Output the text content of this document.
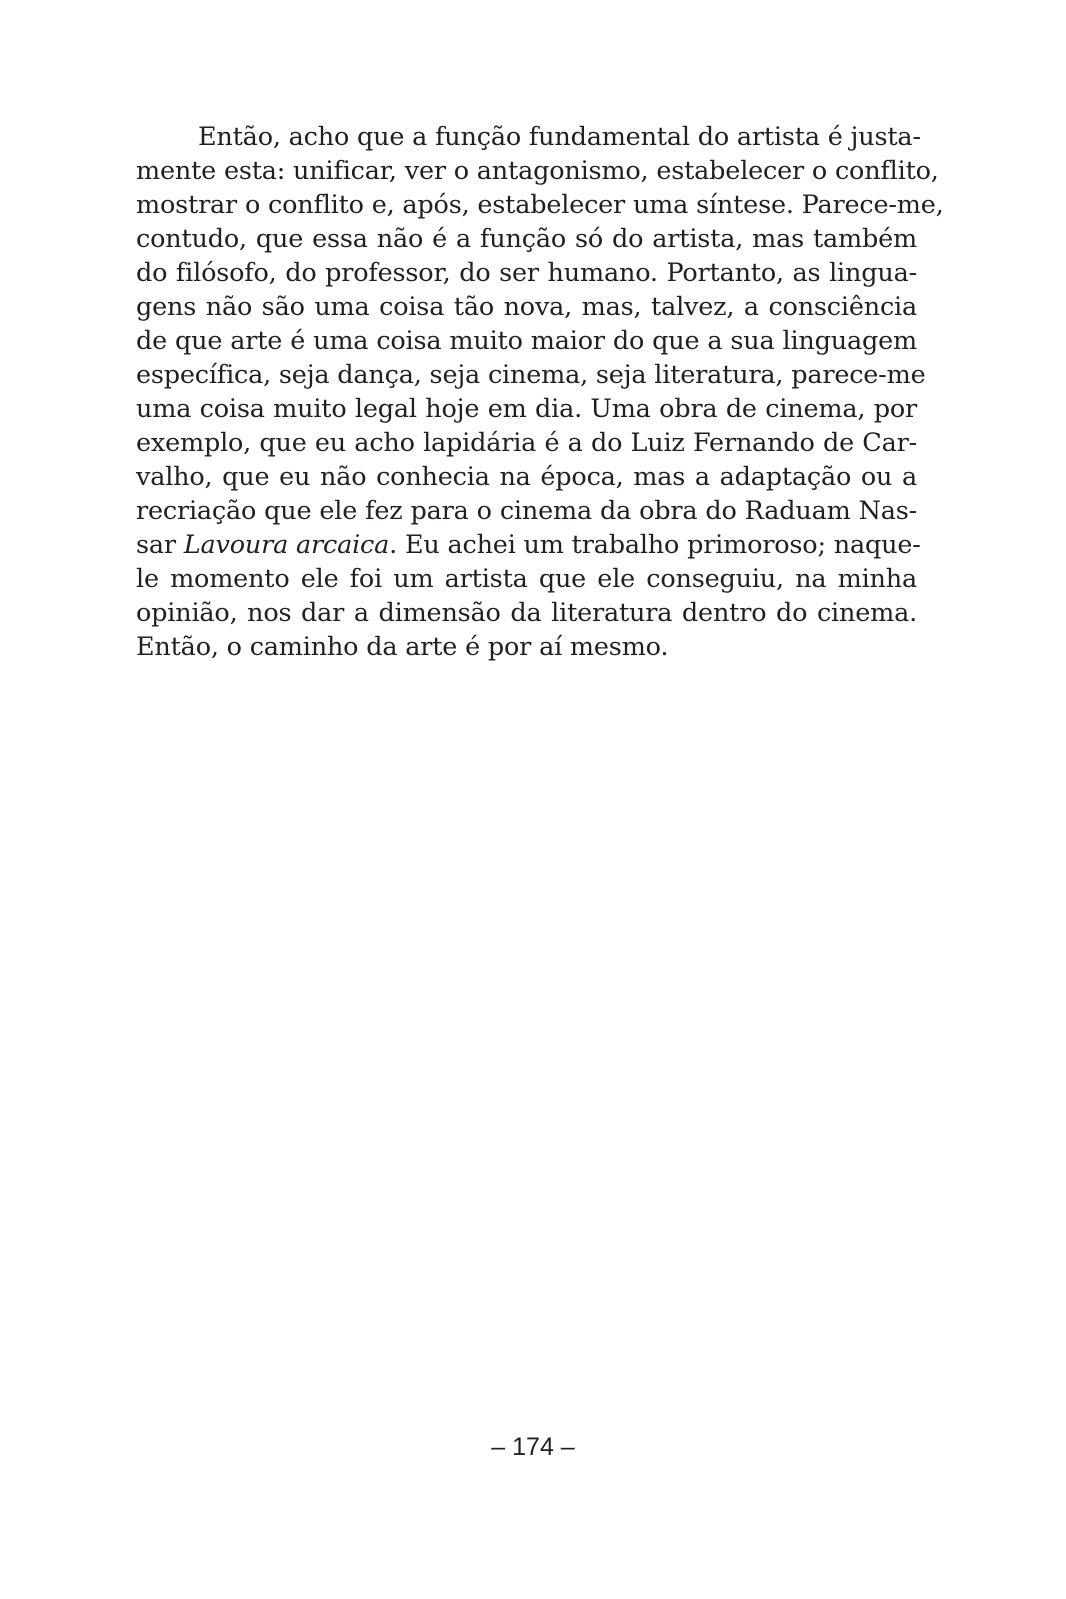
Então, acho que a função fundamental do artista é justa-
mente esta: unificar, ver o antagonismo, estabelecer o conflito,
mostrar o conflito e, após, estabelecer uma síntese. Parece-me,
contudo, que essa não é a função só do artista, mas também
do filósofo, do professor, do ser humano. Portanto, as lingua-
gens não são uma coisa tão nova, mas, talvez, a consciência
de que arte é uma coisa muito maior do que a sua linguagem
específica, seja dança, seja cinema, seja literatura, parece-me
uma coisa muito legal hoje em dia. Uma obra de cinema, por
exemplo, que eu acho lapidária é a do Luiz Fernando de Car-
valho, que eu não conhecia na época, mas a adaptação ou a
recriação que ele fez para o cinema da obra do Raduam Nas-
sar Lavoura arcaica. Eu achei um trabalho primoroso; naque-
le momento ele foi um artista que ele conseguiu, na minha
opinião, nos dar a dimensão da literatura dentro do cinema.
Então, o caminho da arte é por aí mesmo.
– 174 –
